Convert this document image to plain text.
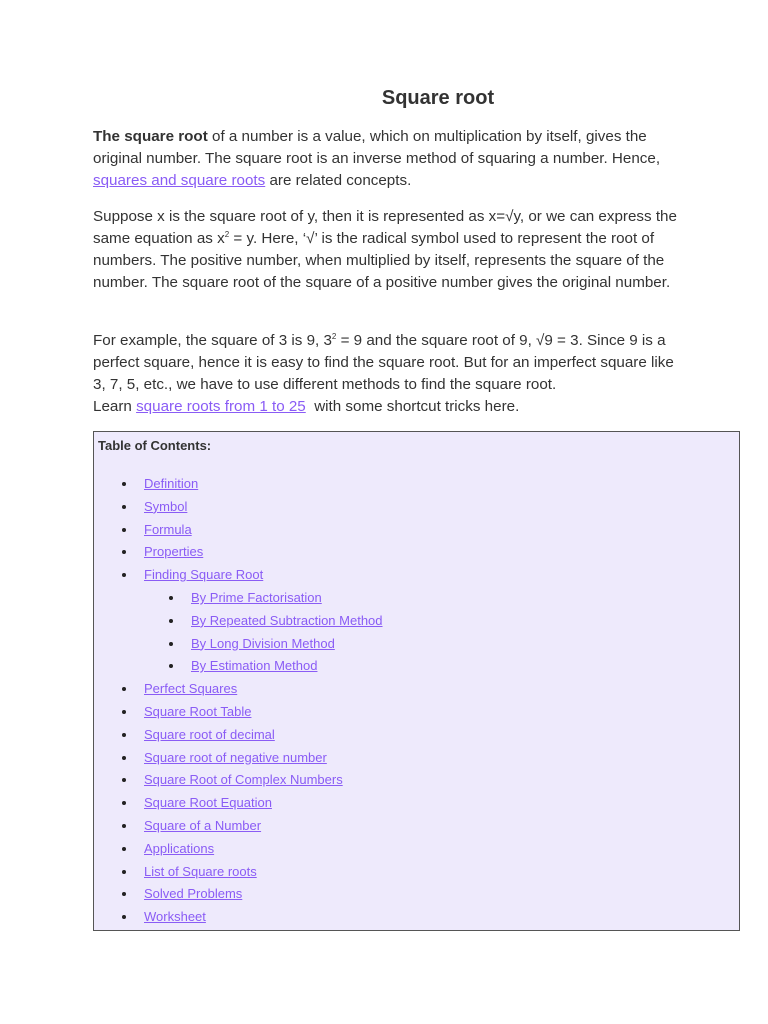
Square root

The square root of a number is a value, which on multiplication by itself, gives the original number. The square root is an inverse method of squaring a number. Hence, squares and square roots are related concepts.

Suppose x is the square root of y, then it is represented as x=√y, or we can express the same equation as $x^2 = y$. Here, ‘√’ is the radical symbol used to represent the root of numbers. The positive number, when multiplied by itself, represents the square of the number. The square root of the square of a positive number gives the original number.

For example, the square of 3 is 9, $3^2 = 9$ and the square root of 9, √9 = 3. Since 9 is a perfect square, hence it is easy to find the square root. But for an imperfect square like 3, 7, 5, etc., we have to use different methods to find the square root.
Learn square roots from 1 to 25  with some shortcut tricks here.

Table of Contents:

Definition
Symbol
Formula
Properties
Finding Square Root
By Prime Factorisation
By Repeated Subtraction Method
By Long Division Method
By Estimation Method
Perfect Squares
Square Root Table
Square root of decimal
Square root of negative number
Square Root of Complex Numbers
Square Root Equation
Square of a Number
Applications
List of Square roots
Solved Problems
Worksheet
